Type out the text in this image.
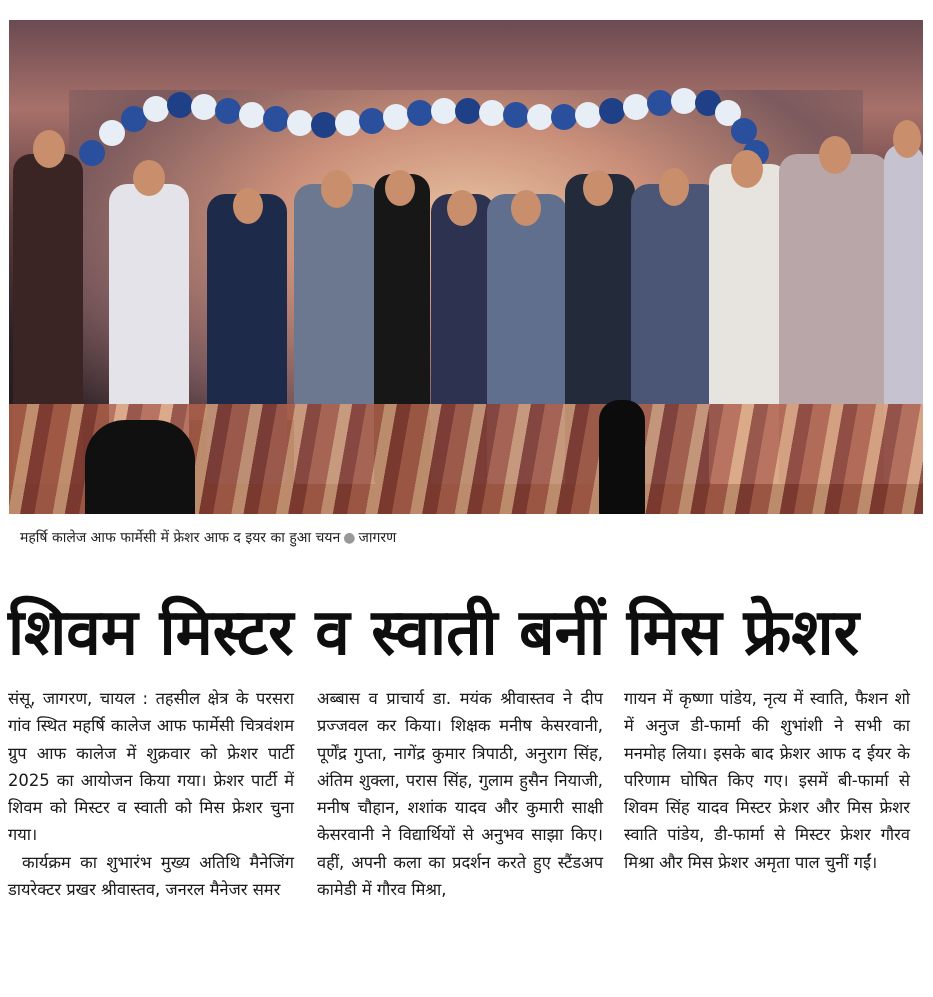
महर्षि कालेज आफ फार्मेसी में फ्रेशर आफ द इयर का हुआ चयन ● जागरण
शिवम मिस्टर व स्वाती बनीं मिस फ्रेशर

संसू, जागरण, चायल : तहसील क्षेत्र के परसरा गांव स्थित महर्षि कालेज आफ फार्मेसी चित्रवंशम ग्रुप आफ कालेज में शुक्रवार को फ्रेशर पार्टी 2025 का आयोजन किया गया। फ्रेशर पार्टी में शिवम को मिस्टर व स्वाती को मिस फ्रेशर चुना गया।

कार्यक्रम का शुभारंभ मुख्य अतिथि मैनेजिंग डायरेक्टर प्रखर श्रीवास्तव, जनरल मैनेजर समर

अब्बास व प्राचार्य डा. मयंक श्रीवास्तव ने दीप प्रज्जवल कर किया। शिक्षक मनीष केसरवानी, पूर्णेंद्र गुप्ता, नागेंद्र कुमार त्रिपाठी, अनुराग सिंह, अंतिम शुक्ला, परास सिंह, गुलाम हुसैन नियाजी, मनीष चौहान, शशांक यादव और कुमारी साक्षी केसरवानी ने विद्यार्थियों से अनुभव साझा किए। वहीं, अपनी कला का प्रदर्शन करते हुए स्टैंडअप कामेडी में गौरव मिश्रा,

गायन में कृष्णा पांडेय, नृत्य में स्वाति, फैशन शो में अनुज डी-फार्मा की शुभांशी ने सभी का मनमोह लिया। इसके बाद फ्रेशर आफ द ईयर के परिणाम घोषित किए गए। इसमें बी-फार्मा से शिवम सिंह यादव मिस्टर फ्रेशर और मिस फ्रेशर स्वाति पांडेय, डी-फार्मा से मिस्टर फ्रेशर गौरव मिश्रा और मिस फ्रेशर अमृता पाल चुनीं गईं।
